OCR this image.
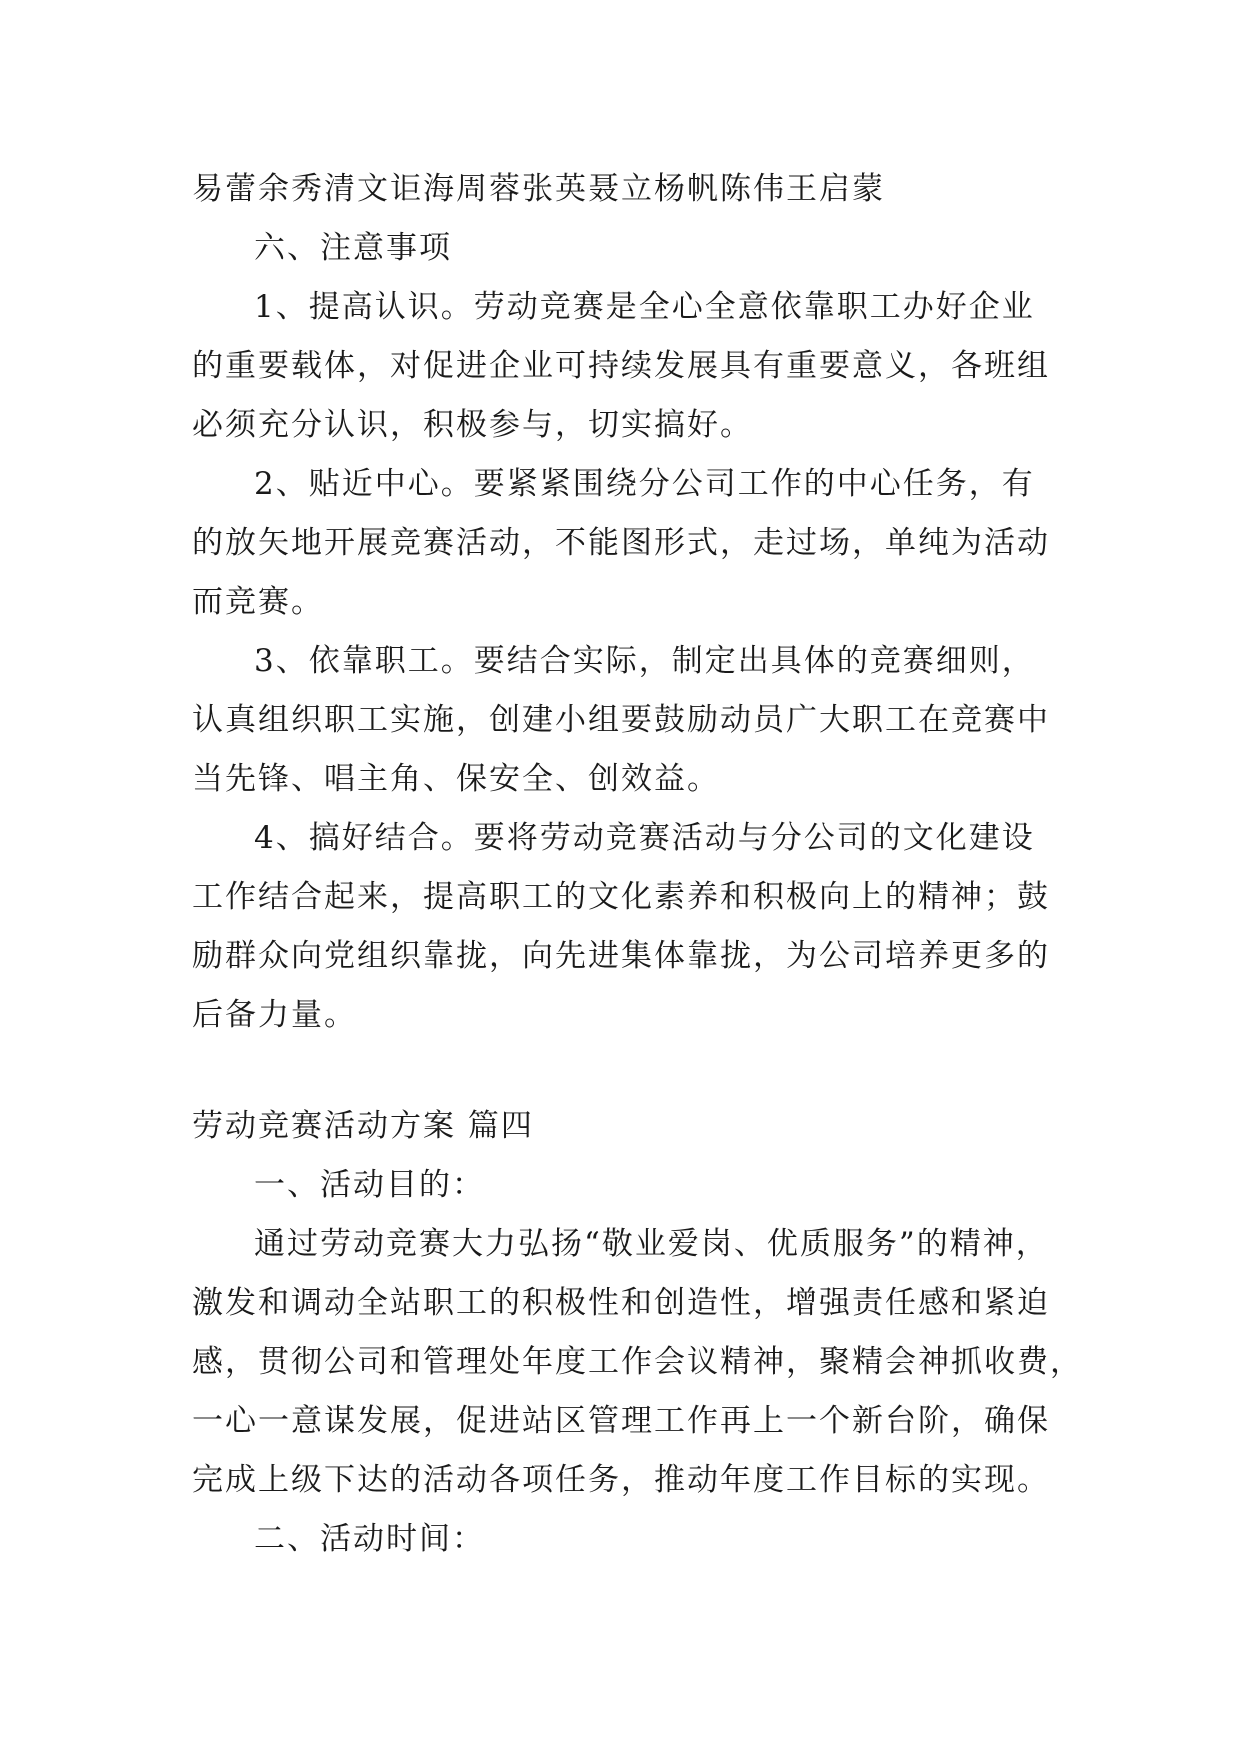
易蕾余秀清文讵海周蓉张英聂立杨帆陈伟王启蒙
六、注意事项
1、提高认识。劳动竞赛是全心全意依靠职工办好企业
的重要载体，对促进企业可持续发展具有重要意义，各班组
必须充分认识，积极参与，切实搞好。
2、贴近中心。要紧紧围绕分公司工作的中心任务，有
的放矢地开展竞赛活动，不能图形式，走过场，单纯为活动
而竞赛。
3、依靠职工。要结合实际，制定出具体的竞赛细则，
认真组织职工实施，创建小组要鼓励动员广大职工在竞赛中
当先锋、唱主角、保安全、创效益。
4、搞好结合。要将劳动竞赛活动与分公司的文化建设
工作结合起来，提高职工的文化素养和积极向上的精神；鼓
励群众向党组织靠拢，向先进集体靠拢，为公司培养更多的
后备力量。
劳动竞赛活动方案 篇四
一、活动目的：
通过劳动竞赛大力弘扬“敬业爱岗、优质服务”的精神，
激发和调动全站职工的积极性和创造性，增强责任感和紧迫
感，贯彻公司和管理处年度工作会议精神，聚精会神抓收费，
一心一意谋发展，促进站区管理工作再上一个新台阶，确保
完成上级下达的活动各项任务，推动年度工作目标的实现。
二、活动时间：
